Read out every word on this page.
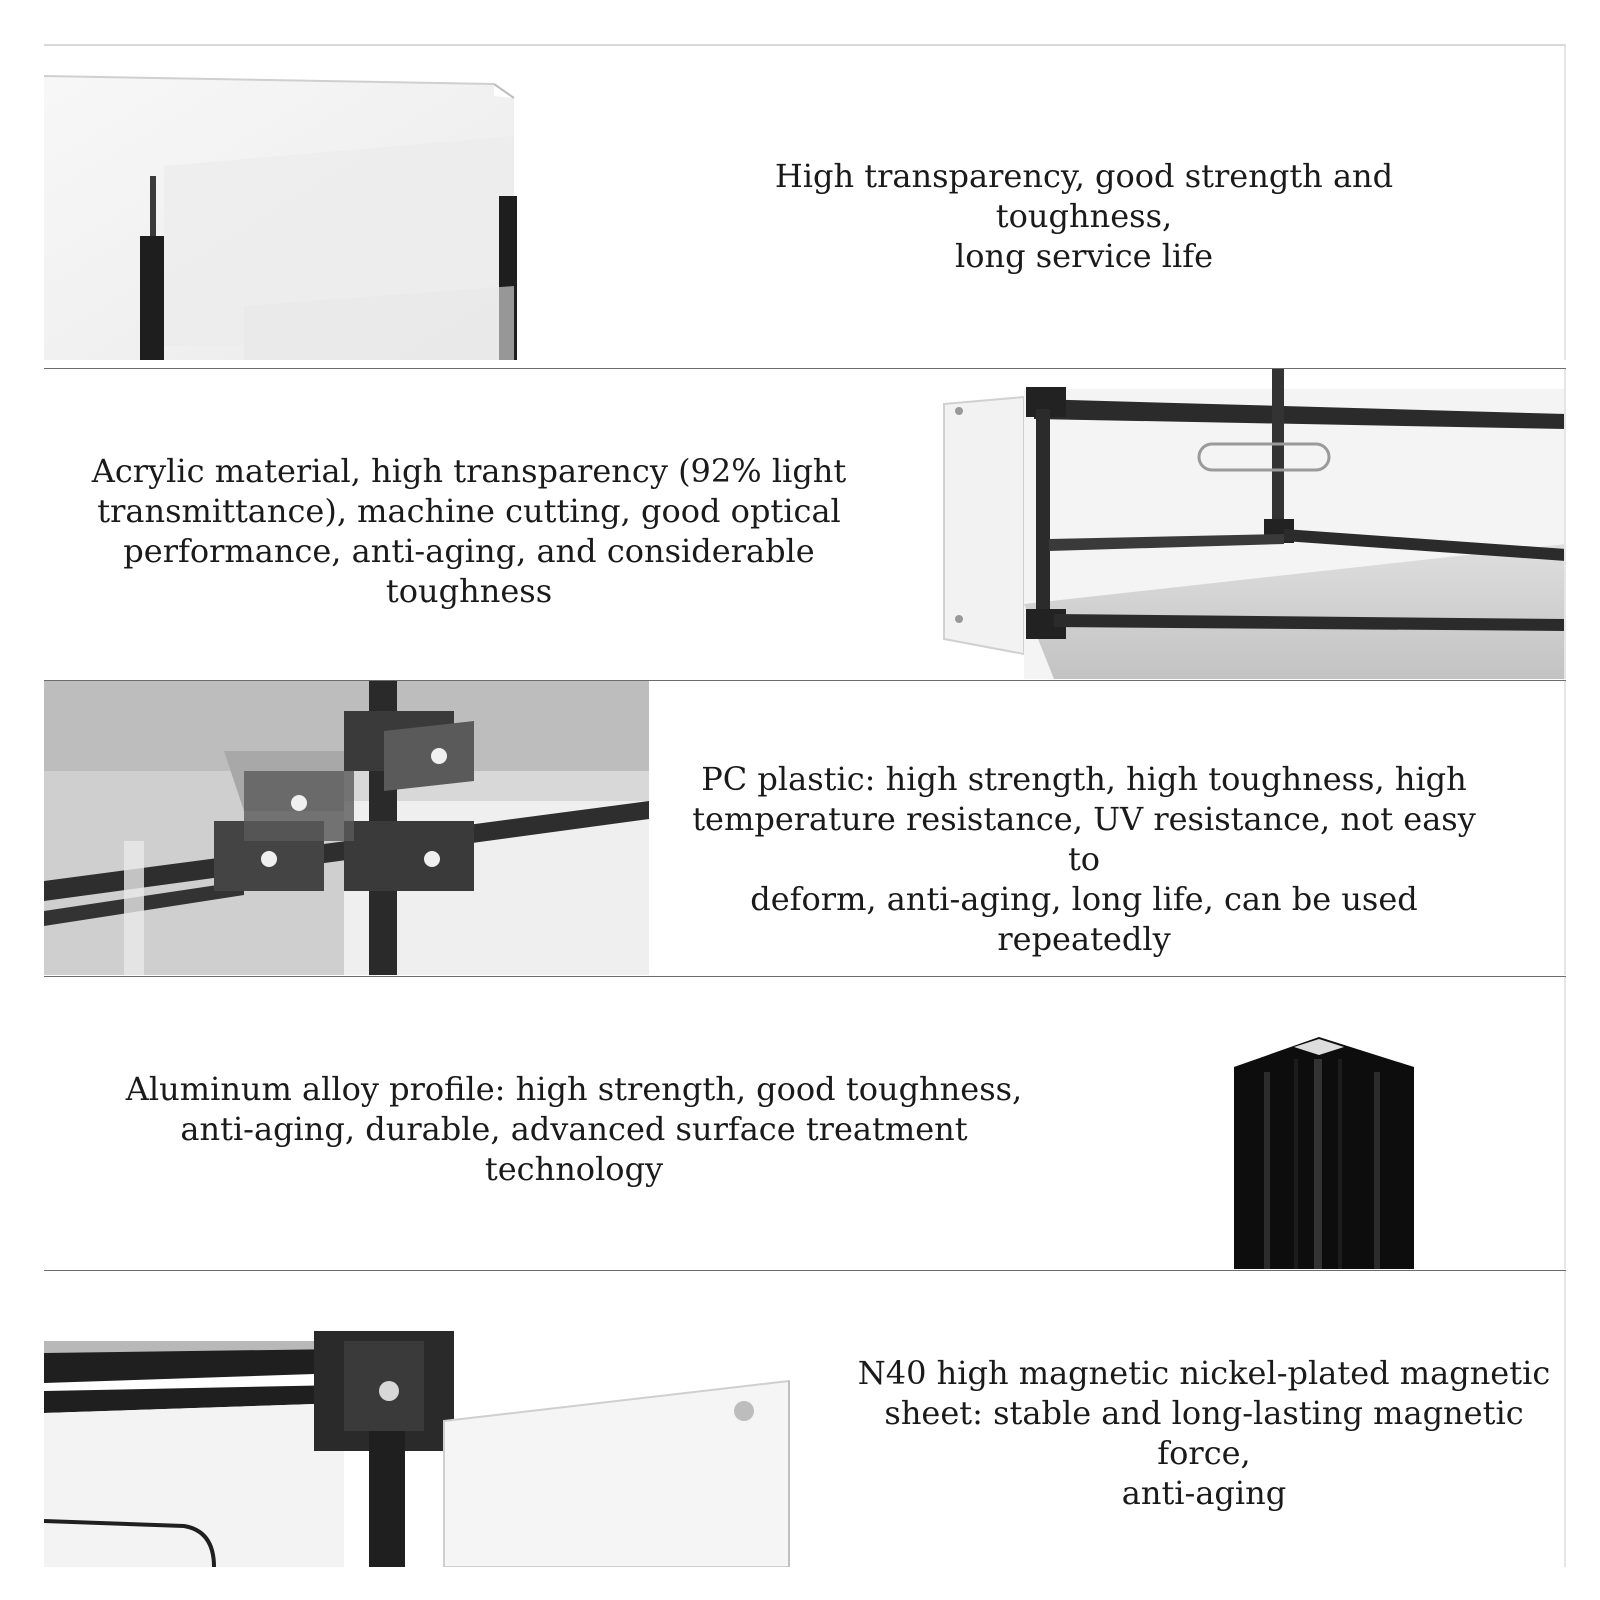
High transparency, good strength and toughness,
long service life
Acrylic material, high transparency (92% light
transmittance), machine cutting, good optical
performance, anti-aging, and considerable toughness
PC plastic: high strength, high toughness, high
temperature resistance, UV resistance, not easy to
deform, anti-aging, long life, can be used repeatedly
Aluminum alloy profile: high strength, good toughness,
anti-aging, durable, advanced surface treatment technology
N40 high magnetic nickel-plated magnetic
sheet: stable and long-lasting magnetic force,
anti-aging
